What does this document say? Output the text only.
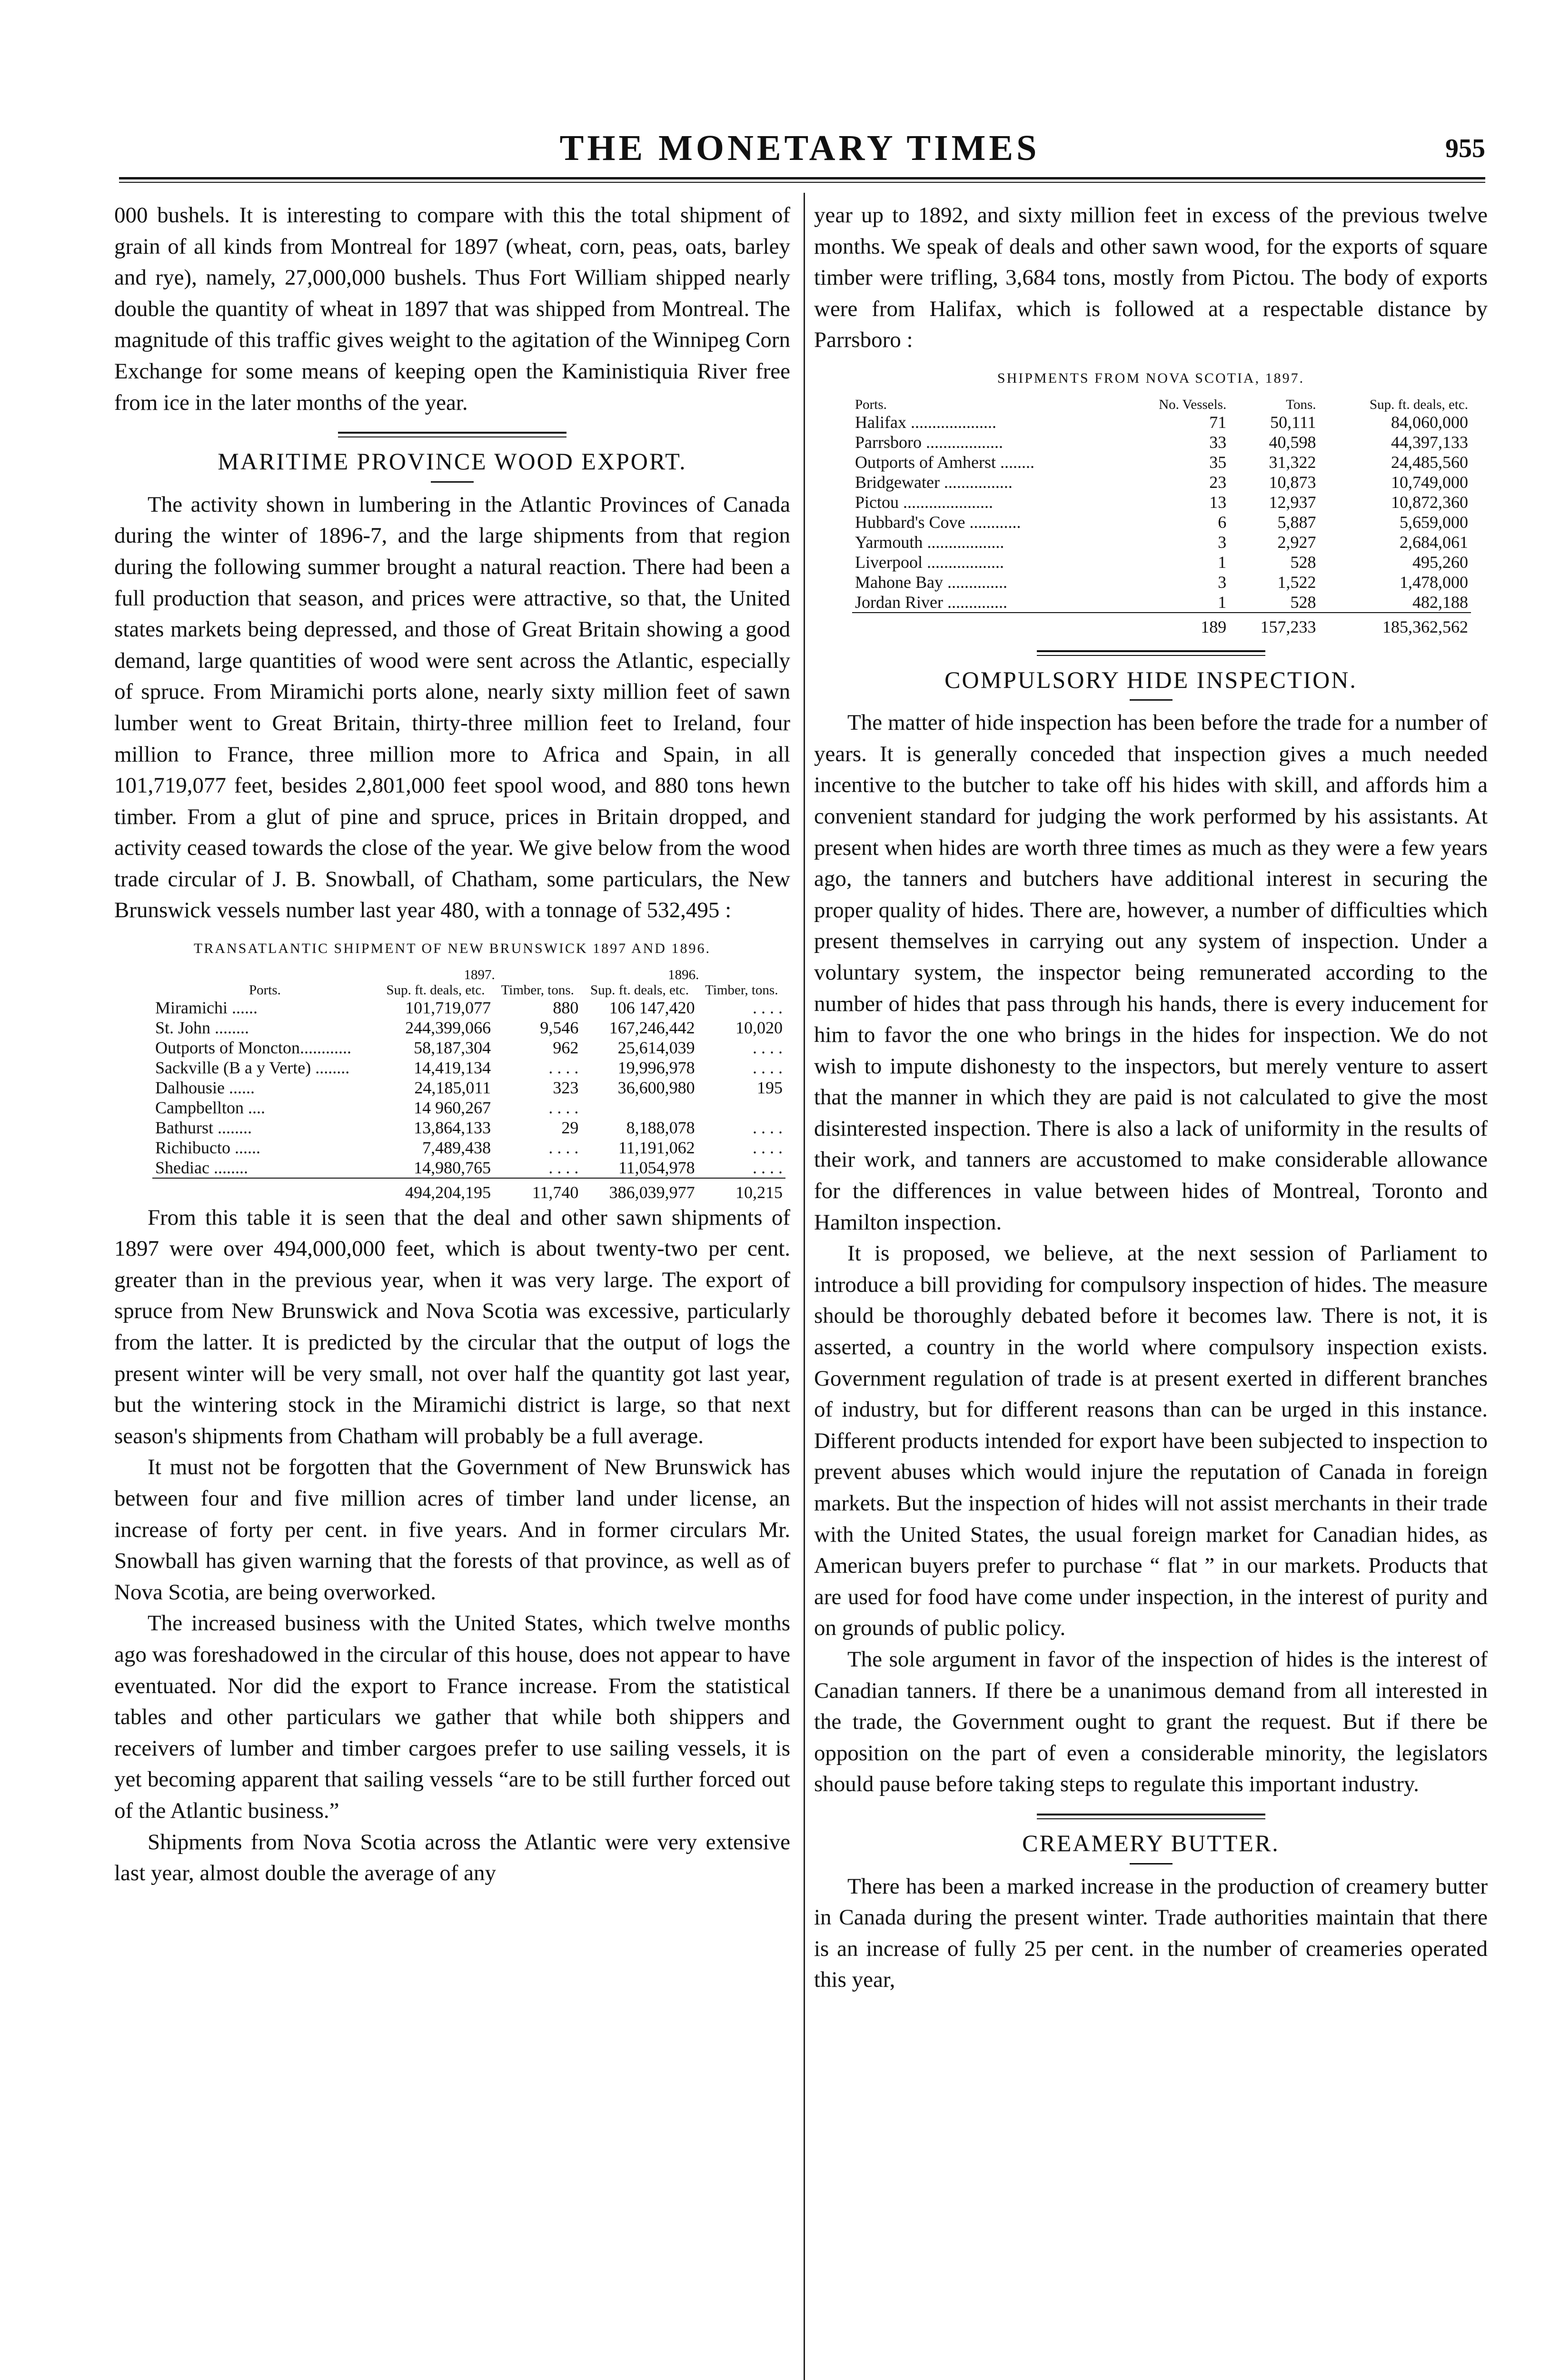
THE MONETARY TIMES	955

000 bushels. It is interesting to compare with this the total shipment of grain of all kinds from Montreal for 1897 (wheat, corn, peas, oats, barley and rye), namely, 27,000,000 bushels. Thus Fort William shipped nearly double the quantity of wheat in 1897 that was shipped from Montreal. The magnitude of this traffic gives weight to the agitation of the Winnipeg Corn Exchange for some means of keeping open the Kaministiquia River free from ice in the later months of the year.

MARITIME PROVINCE WOOD EXPORT.

The activity shown in lumbering in the Atlantic Provinces of Canada during the winter of 1896-7, and the large shipments from that region during the following summer brought a natural reaction. There had been a full production that season, and prices were attractive, so that, the United states markets being depressed, and those of Great Britain showing a good demand, large quantities of wood were sent across the Atlantic, especially of spruce. From Miramichi ports alone, nearly sixty million feet of sawn lumber went to Great Britain, thirty-three million feet to Ireland, four million to France, three million more to Africa and Spain, in all 101,719,077 feet, besides 2,801,000 feet spool wood, and 880 tons hewn timber. From a glut of pine and spruce, prices in Britain dropped, and activity ceased towards the close of the year. We give below from the wood trade circular of J. B. Snowball, of Chatham, some particulars, the New Brunswick vessels number last year 480, with a tonnage of 532,495 :

TRANSATLANTIC SHIPMENT OF NEW BRUNSWICK 1897 AND 1896.
	1897.		1896.	
Ports.	Sup. ft. deals, etc.	Timber, tons.	Sup. ft. deals, etc.	Timber, tons.
Miramichi ......	101,719,077	880	106 147,420	. . . .
St. John ........	244,399,066	9,546	167,246,442	10,020
Outports of Moncton............	58,187,304	962	25,614,039	. . . .
Sackville (B a y Verte) ........	14,419,134	. . . .	19,996,978	. . . .
Dalhousie ......	24,185,011	323	36,600,980	195
Campbellton ....	14 960,267	. . . .		
Bathurst ........	13,864,133	29	8,188,078	. . . .
Richibucto ......	7,489,438	. . . .	11,191,062	. . . .
Shediac ........	14,980,765	. . . .	11,054,978	. . . .
	494,204,195	11,740	386,039,977	10,215

From this table it is seen that the deal and other sawn shipments of 1897 were over 494,000,000 feet, which is about twenty-two per cent. greater than in the previous year, when it was very large. The export of spruce from New Brunswick and Nova Scotia was excessive, particularly from the latter. It is predicted by the circular that the output of logs the present winter will be very small, not over half the quantity got last year, but the wintering stock in the Miramichi district is large, so that next season's shipments from Chatham will probably be a full average.

It must not be forgotten that the Government of New Brunswick has between four and five million acres of timber land under license, an increase of forty per cent. in five years. And in former circulars Mr. Snowball has given warning that the forests of that province, as well as of Nova Scotia, are being overworked.

The increased business with the United States, which twelve months ago was foreshadowed in the circular of this house, does not appear to have eventuated. Nor did the export to France increase. From the statistical tables and other particulars we gather that while both shippers and receivers of lumber and timber cargoes prefer to use sailing vessels, it is yet becoming apparent that sailing vessels “are to be still further forced out of the Atlantic business.”

Shipments from Nova Scotia across the Atlantic were very extensive last year, almost double the average of any

year up to 1892, and sixty million feet in excess of the previous twelve months. We speak of deals and other sawn wood, for the exports of square timber were trifling, 3,684 tons, mostly from Pictou. The body of exports were from Halifax, which is followed at a respectable distance by Parrsboro :

SHIPMENTS FROM NOVA SCOTIA, 1897.
Ports.	No. Vessels.	Tons.	Sup. ft. deals, etc.
Halifax ....................	71	50,111	84,060,000
Parrsboro ..................	33	40,598	44,397,133
Outports of Amherst ........	35	31,322	24,485,560
Bridgewater ................	23	10,873	10,749,000
Pictou .....................	13	12,937	10,872,360
Hubbard's Cove ............	6	5,887	5,659,000
Yarmouth ..................	3	2,927	2,684,061
Liverpool ..................	1	528	495,260
Mahone Bay ..............	3	1,522	1,478,000
Jordan River ..............	1	528	482,188
	189	157,233	185,362,562
COMPULSORY HIDE INSPECTION.

The matter of hide inspection has been before the trade for a number of years. It is generally conceded that inspection gives a much needed incentive to the butcher to take off his hides with skill, and affords him a convenient standard for judging the work performed by his assistants. At present when hides are worth three times as much as they were a few years ago, the tanners and butchers have additional interest in securing the proper quality of hides. There are, however, a number of difficulties which present themselves in carrying out any system of inspection. Under a voluntary system, the inspector being remunerated according to the number of hides that pass through his hands, there is every inducement for him to favor the one who brings in the hides for inspection. We do not wish to impute dishonesty to the inspectors, but merely venture to assert that the manner in which they are paid is not calculated to give the most disinterested inspection. There is also a lack of uniformity in the results of their work, and tanners are accustomed to make considerable allowance for the differences in value between hides of Montreal, Toronto and Hamilton inspection.

It is proposed, we believe, at the next session of Parliament to introduce a bill providing for compulsory inspection of hides. The measure should be thoroughly debated before it becomes law. There is not, it is asserted, a country in the world where compulsory inspection exists. Government regulation of trade is at present exerted in different branches of industry, but for different reasons than can be urged in this instance. Different products intended for export have been subjected to inspection to prevent abuses which would injure the reputation of Canada in foreign markets. But the inspection of hides will not assist merchants in their trade with the United States, the usual foreign market for Canadian hides, as American buyers prefer to purchase “ flat ” in our markets. Products that are used for food have come under inspection, in the interest of purity and on grounds of public policy.

The sole argument in favor of the inspection of hides is the interest of Canadian tanners. If there be a unanimous demand from all interested in the trade, the Government ought to grant the request. But if there be opposition on the part of even a considerable minority, the legislators should pause before taking steps to regulate this important industry.

CREAMERY BUTTER.

There has been a marked increase in the production of creamery butter in Canada during the present winter. Trade authorities maintain that there is an increase of fully 25 per cent. in the number of creameries operated this year,
